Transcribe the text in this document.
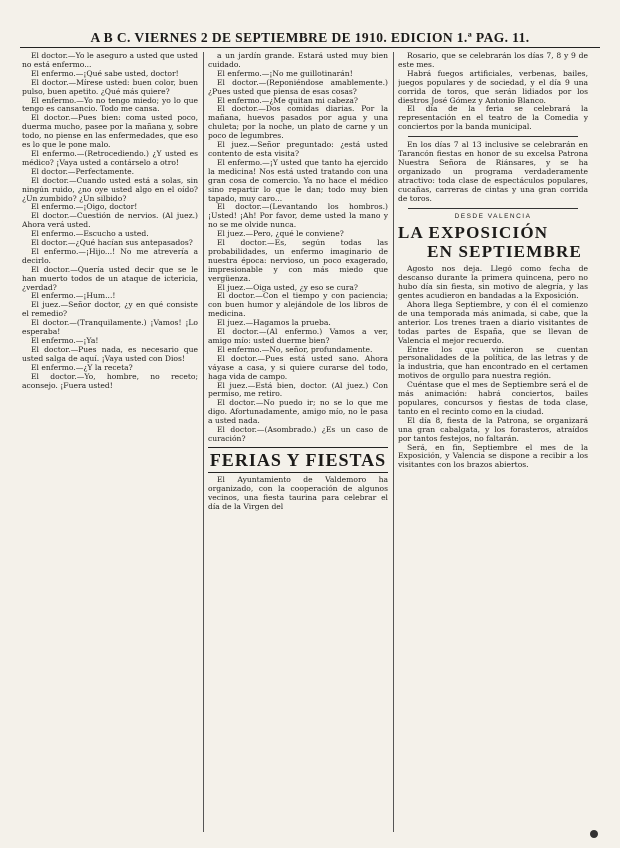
A B C. VIERNES 2 DE SEPTIEMBRE DE 1910. EDICION 1.ª PAG. 11.

El doctor.—Yo le aseguro a usted que usted no está enfermo...

El enfermo.—¡Qué sabe usted, doctor!

El doctor.—Mírese usted: buen color, buen pulso, buen apetito. ¿Qué más quiere?

El enfermo.—Yo no tengo miedo; yo lo que tengo es cansancio. Todo me cansa.

El doctor.—Pues bien: coma usted poco, duerma mucho, pasee por la mañana y, sobre todo, no piense en las enfermedades, que eso es lo que le pone malo.

El enfermo.—(Retrocediendo.) ¿Y usted es médico? ¡Vaya usted a contárselo a otro!

El doctor.—Perfectamente.

El doctor.—Cuando usted está a solas, sin ningún ruido, ¿no oye usted algo en el oído? ¿Un zumbido? ¿Un silbido?

El enfermo.—¡Oigo, doctor!

El doctor.—Cuestión de nervios. (Al juez.) Ahora verá usted.

El enfermo.—Escucho a usted.

El doctor.—¿Qué hacían sus antepasados?

El enfermo.—¡Hijo...! No me atrevería a decirlo.

El doctor.—Quería usted decir que se le han muerto todos de un ataque de ictericia, ¿verdad?

El enfermo.—¡Hum...!

El juez.—Señor doctor, ¿y en qué consiste el remedio?

El doctor.—(Tranquilamente.) ¡Vamos! ¡Lo esperaba!

El enfermo.—¡Ya!

El doctor.—Pues nada, es necesario que usted salga de aquí. ¡Vaya usted con Dios!

El enfermo.—¿Y la receta?

El doctor.—Yo, hombre, no receto; aconsejo. ¡Fuera usted!

a un jardín grande. Estará usted muy bien cuidado.

El enfermo.—¡No me guillotinarán!

El doctor.—(Reponiéndose amablemente.) ¿Pues usted que piensa de esas cosas?

El enfermo.—¿Me quitan mi cabeza?

El doctor.—Dos comidas diarias. Por la mañana, huevos pasados por agua y una chuleta; por la noche, un plato de carne y un poco de legumbres.

El juez.—Señor preguntado: ¿está usted contento de esta visita?

El enfermo.—¡Y usted que tanto ha ejercido la medicina! Nos está usted tratando con una gran cosa de comercio. Ya no hace el médico sino repartir lo que le dan; todo muy bien tapado, muy caro...

El doctor.—(Levantando los hombros.) ¡Usted! ¡Ah! Por favor, deme usted la mano y no se me olvide nunca.

El juez.—Pero, ¿qué le conviene?

El doctor.—Es, según todas las probabilidades, un enfermo imaginario de nuestra época: nervioso, un poco exagerado, impresionable y con más miedo que vergüenza.

El juez.—Oiga usted, ¿y eso se cura?

El doctor.—Con el tiempo y con paciencia; con buen humor y alejándole de los libros de medicina.

El juez.—Hagamos la prueba.

El doctor.—(Al enfermo.) Vamos a ver, amigo mío: usted duerme bien?

El enfermo.—No, señor, profundamente.

El doctor.—Pues está usted sano. Ahora váyase a casa, y si quiere curarse del todo, haga vida de campo.

El juez.—Está bien, doctor. (Al juez.) Con permiso, me retiro.

El doctor.—No puedo ir; no se lo que me digo. Afortunadamente, amigo mío, no le pasa a usted nada.

El doctor.—(Asombrado.) ¿Es un caso de curación?

FERIAS Y FIESTAS

El Ayuntamiento de Valdemoro ha organizado, con la cooperación de algunos vecinos, una fiesta taurina para celebrar el día de la Virgen del

Rosario, que se celebrarán los días 7, 8 y 9 de este mes.

Habrá fuegos artificiales, verbenas, bailes, juegos populares y de sociedad, y el día 9 una corrida de toros, que serán lidiados por los diestros José Gómez y Antonio Blanco.

El día de la feria se celebrará la representación en el teatro de la Comedia y conciertos por la banda municipal.

En los días 7 al 13 inclusive se celebrarán en Tarancón fiestas en honor de su excelsa Patrona Nuestra Señora de Riánsares, y se ha organizado un programa verdaderamente atractivo: toda clase de espectáculos populares, cucañas, carreras de cintas y una gran corrida de toros.

DESDE VALENCIA
LA EXPOSICIÓN
EN SEPTIEMBRE

Agosto nos deja. Llegó como fecha de descanso durante la primera quincena, pero no hubo día sin fiesta, sin motivo de alegría, y las gentes acudieron en bandadas a la Exposición.

Ahora llega Septiembre, y con él el comienzo de una temporada más animada, si cabe, que la anterior. Los trenes traen a diario visitantes de todas partes de España, que se llevan de Valencia el mejor recuerdo.

Entre los que vinieron se cuentan personalidades de la política, de las letras y de la industria, que han encontrado en el certamen motivos de orgullo para nuestra región.

Cuéntase que el mes de Septiembre será el de más animación: habrá conciertos, bailes populares, concursos y fiestas de toda clase, tanto en el recinto como en la ciudad.

El día 8, fiesta de la Patrona, se organizará una gran cabalgata, y los forasteros, atraídos por tantos festejos, no faltarán.

Será, en fin, Septiembre el mes de la Exposición, y Valencia se dispone a recibir a los visitantes con los brazos abiertos.
